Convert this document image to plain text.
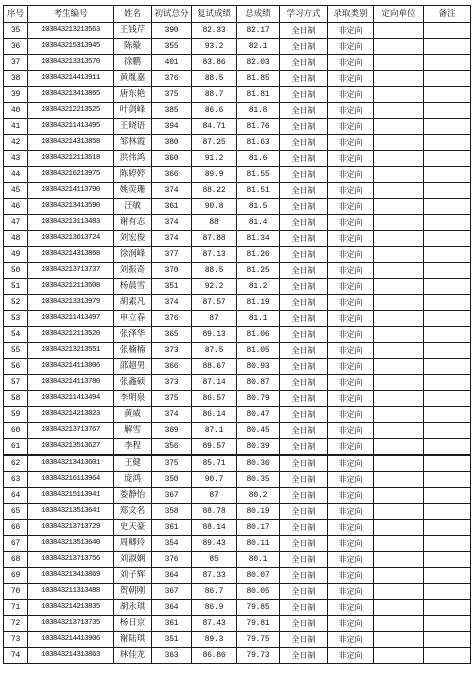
序号	考生编号	姓名	初试总分	复试成绩	总成绩	学习方式	录取类别	定向单位	备注
35	103843213213563	王钱芹	390	82.33	82.17	全日制	非定向		
36	103843215313945	陈璇	355	93.2	82.1	全日制	非定向		
37	103843213313570	徐鹏	401	83.86	82.03	全日制	非定向		
38	103843214413911	黄胤嘉	376	88.5	81.85	全日制	非定向		
39	103843213413865	唐东艳	375	88.7	81.81	全日制	非定向		
40	103843212213525	叶剑峰	385	86.6	81.8	全日制	非定向		
41	103843211413495	王晓语	394	84.71	81.76	全日制	非定向		
42	103843214313858	邹林霞	380	87.25	81.63	全日制	非定向		
43	103843212113518	洪伟鸿	360	91.2	81.6	全日制	非定向		
44	103843216213975	陈婷婷	366	89.9	81.55	全日制	非定向		
45	103843214113790	姚荧珊	374	88.22	81.51	全日制	非定向		
46	103843213413590	汪敏	361	90.8	81.5	全日制	非定向		
47	103843213113483	谢有志	374	88	81.4	全日制	非定向		
48	103843213613724	刘宏俊	374	87.88	81.34	全日制	非定向		
49	103843214313868	徐润峰	377	87.13	81.26	全日制	非定向		
50	103843213713737	刘振奇	370	88.5	81.25	全日制	非定向		
51	103843212113508	杨晨雪	351	92.2	81.2	全日制	非定向		
52	103843213313979	胡素凡	374	87.57	81.19	全日制	非定向		
53	103843211413497	申立春	376	87	81.1	全日制	非定向		
54	103843212113520	张泽华	365	89.13	81.06	全日制	非定向		
55	103843213213551	张楠楠	373	87.5	81.05	全日制	非定向		
56	103843214113806	邵超男	366	88.67	80.93	全日制	非定向		
57	103843214113780	张鑫硕	373	87.14	80.87	全日制	非定向		
58	103843211413494	李明泉	375	86.57	80.79	全日制	非定向		
59	103843214213823	黄威	374	86.14	80.47	全日制	非定向		
60	103843213713767	解雪	369	87.1	80.45	全日制	非定向		
61	103843213513627	李程	356	89.57	80.39	全日制	非定向		
62	103843213413601	王健	375	85.71	80.36	全日制	非定向		
63	103843216113964	庞鸿	350	90.7	80.35	全日制	非定向		
64	103843215113941	娄静怡	367	87	80.2	全日制	非定向		
65	103843213513641	郑文名	358	88.78	80.19	全日制	非定向		
66	103843213713729	史天豪	361	88.14	80.17	全日制	非定向		
67	103843213513640	周卿玲	354	89.43	80.11	全日制	非定向		
68	103843213713756	刘淑娴	376	85	80.1	全日制	非定向		
69	103843213413869	刘子辉	364	87.33	80.07	全日制	非定向		
70	103843211313488	贺朝刚	367	86.7	80.05	全日制	非定向		
71	103843214213835	胡永琪	364	86.9	79.85	全日制	非定向		
72	103843213713735	杨日京	361	87.43	79.81	全日制	非定向		
73	103843214413906	谢陆琪	351	89.3	79.75	全日制	非定向		
74	103843214313863	林佳龙	363	86.86	79.73	全日制	非定向		
